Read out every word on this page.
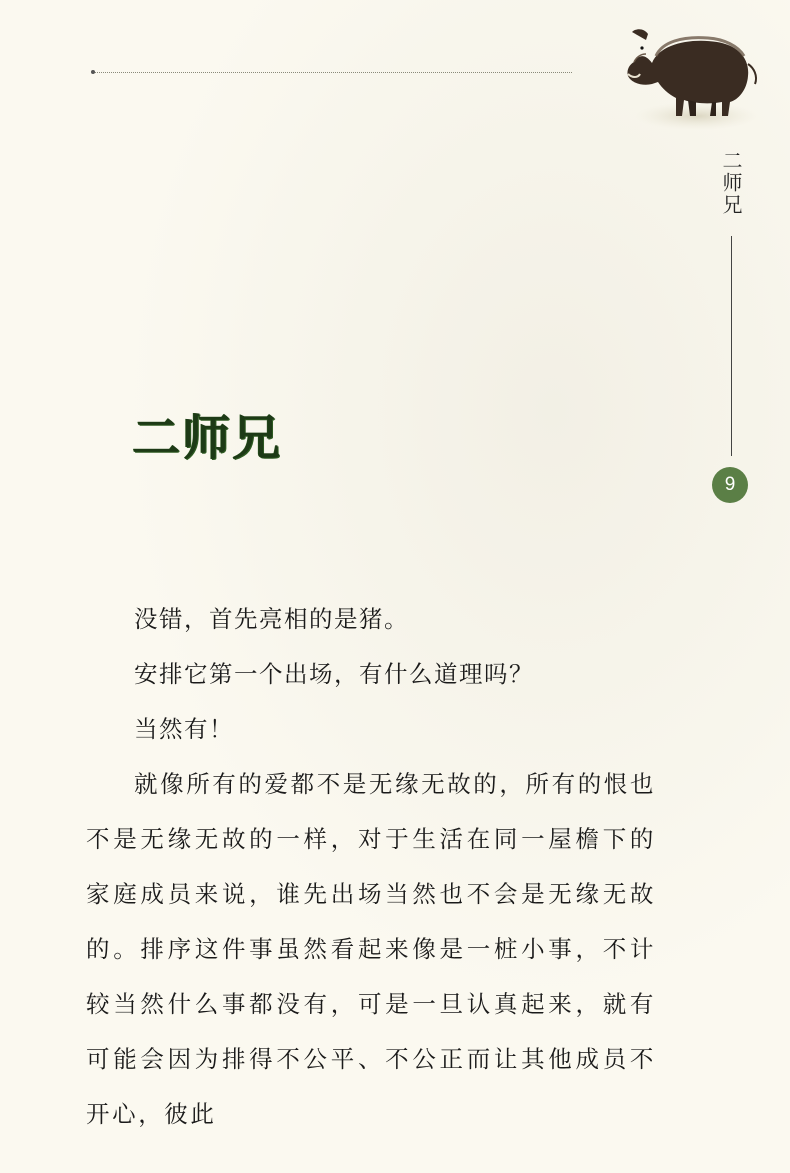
二师兄
9
二师兄

没错，首先亮相的是猪。

安排它第一个出场，有什么道理吗？

当然有！

就像所有的爱都不是无缘无故的，所有的恨也不是无缘无故的一样，对于生活在同一屋檐下的家庭成员来说，谁先出场当然也不会是无缘无故的。排序这件事虽然看起来像是一桩小事，不计较当然什么事都没有，可是一旦认真起来，就有可能会因为排得不公平、不公正而让其他成员不开心，彼此
